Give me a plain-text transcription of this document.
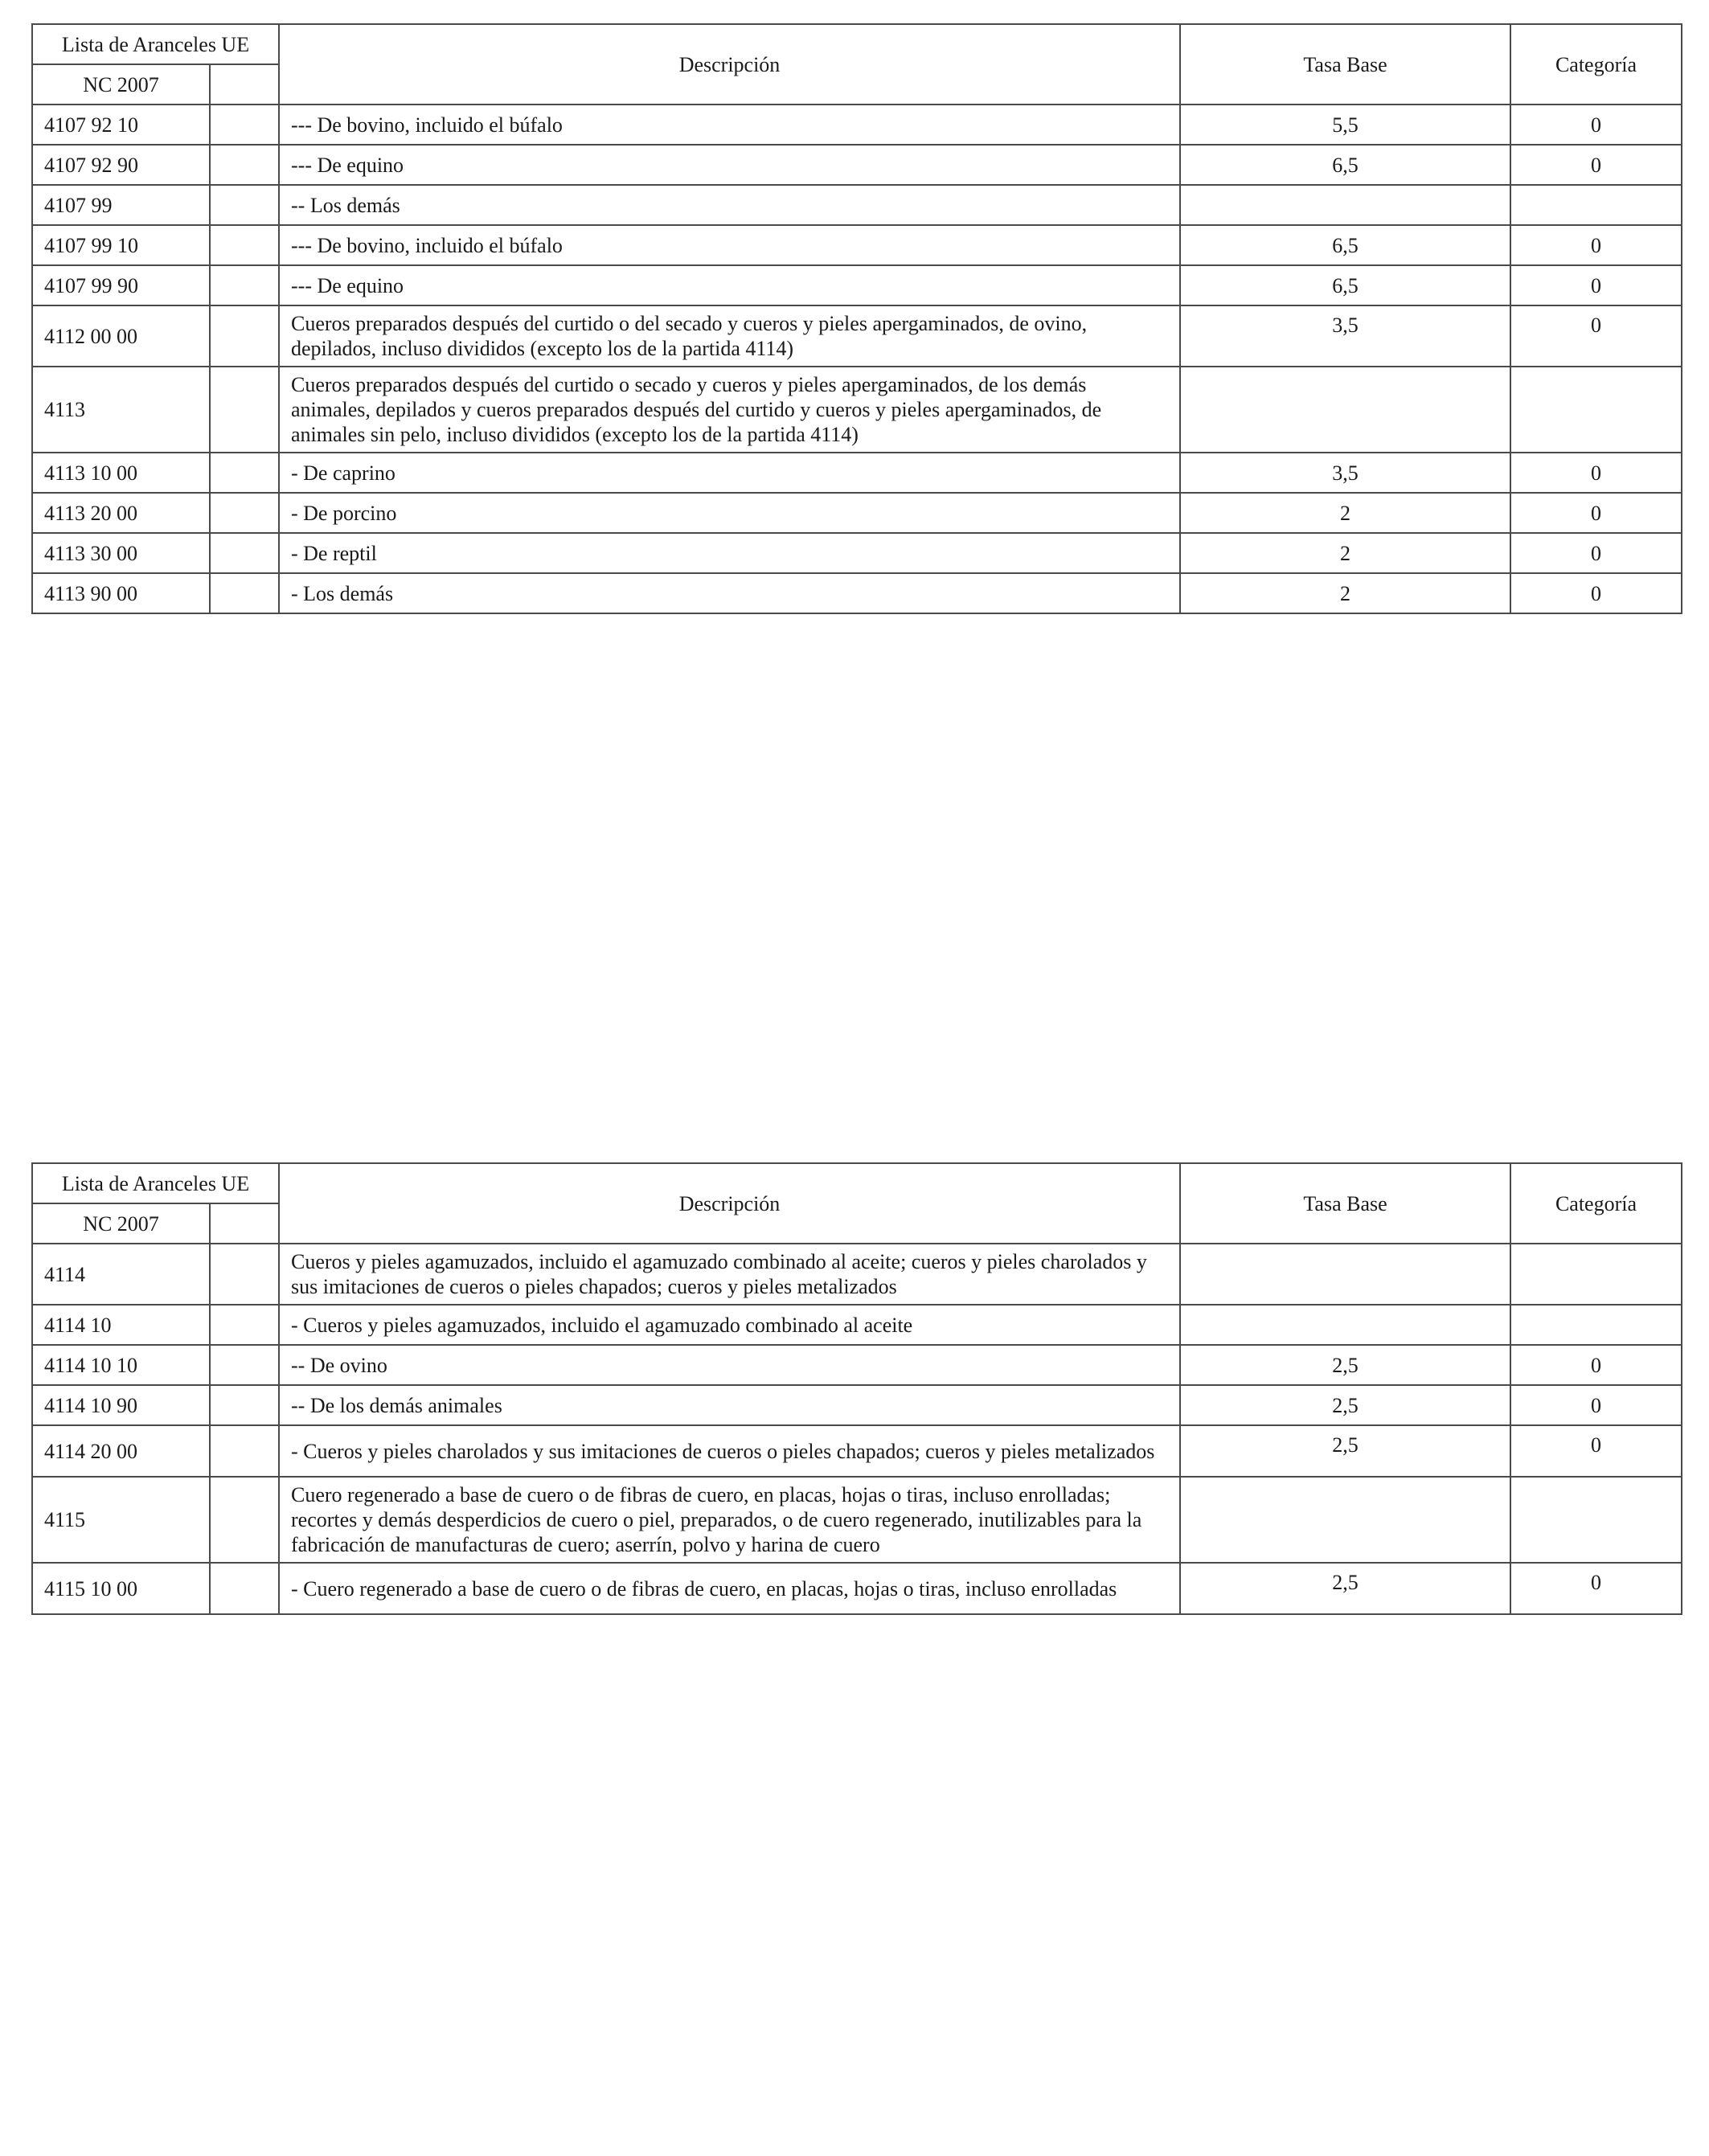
Lista de Aranceles UE		Descripción	Tasa Base	Categoría
NC 2007				
4107 92 10		--- De bovino, incluido el búfalo	5,5	0
4107 92 90		--- De equino	6,5	0
4107 99		-- Los demás		
4107 99 10		--- De bovino, incluido el búfalo	6,5	0
4107 99 90		--- De equino	6,5	0
4112 00 00		Cueros preparados después del curtido o del secado y cueros y pieles apergaminados, de ovino, depilados, incluso divididos (excepto los de la partida 4114)	3,5	0
4113		Cueros preparados después del curtido o secado y cueros y pieles apergaminados, de los demás animales, depilados y cueros preparados después del curtido y cueros y pieles apergaminados, de animales sin pelo, incluso divididos (excepto los de la partida 4114)		
4113 10 00		- De caprino	3,5	0
4113 20 00		- De porcino	2	0
4113 30 00		- De reptil	2	0
4113 90 00		- Los demás	2	0
Lista de Aranceles UE		Descripción	Tasa Base	Categoría
NC 2007				
4114		Cueros y pieles agamuzados, incluido el agamuzado combinado al aceite; cueros y pieles charolados y sus imitaciones de cueros o pieles chapados; cueros y pieles metalizados		
4114 10		- Cueros y pieles agamuzados, incluido el agamuzado combinado al aceite		
4114 10 10		-- De ovino	2,5	0
4114 10 90		-- De los demás animales	2,5	0
4114 20 00		- Cueros y pieles charolados y sus imitaciones de cueros o pieles chapados; cueros y pieles metalizados	2,5	0
4115		Cuero regenerado a base de cuero o de fibras de cuero, en placas, hojas o tiras, incluso enrolladas; recortes y demás desperdicios de cuero o piel, preparados, o de cuero regenerado, inutilizables para la fabricación de manufacturas de cuero; aserrín, polvo y harina de cuero		
4115 10 00		- Cuero regenerado a base de cuero o de fibras de cuero, en placas, hojas o tiras, incluso enrolladas	2,5	0
